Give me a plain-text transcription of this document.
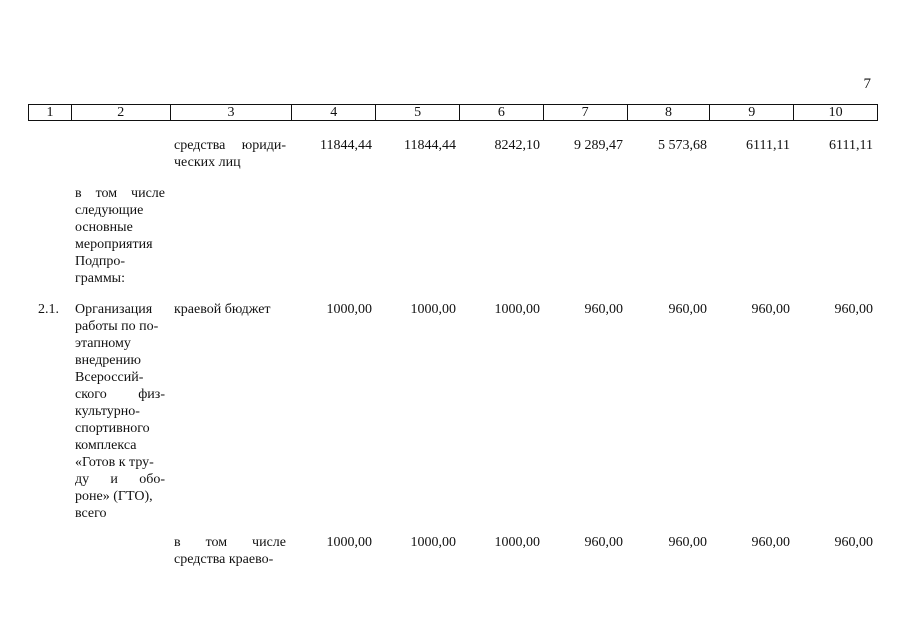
7
1	2	3	4	5	6	7	8	9	10
средства юриди-
ческих лиц
11844,44	11844,44	8242,10	9 289,47	5 573,68	6111,11	6111,11
в том числе
следующие
основные
мероприятия
Подпро-
граммы:
2.1. Организация
работы по по-
этапному
внедрению
Всероссий-
ского физ-
культурно-
спортивного
комплекса
«Готов к тру-
ду и обо-
роне» (ГТО),
всего
краевой бюджет	1000,00	1000,00	1000,00	960,00	960,00	960,00	960,00
в том числе
средства краево-
1000,00	1000,00	1000,00	960,00	960,00	960,00	960,00
